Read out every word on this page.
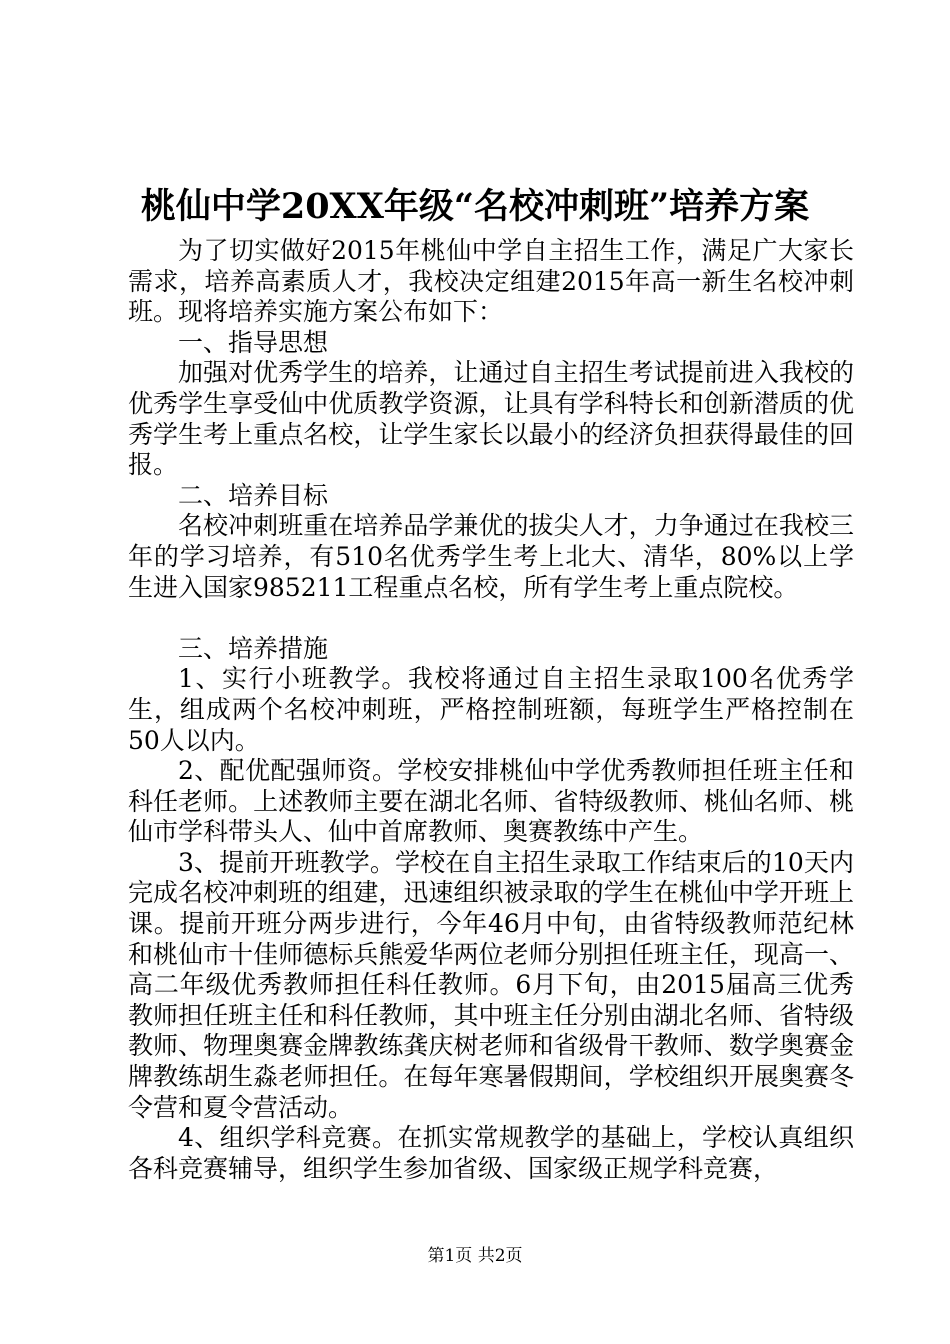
桃仙中学20XX年级“名校冲刺班”培养方案

为了切实做好2015年桃仙中学自主招生工作，满足广大家长需求，培养高素质人才，我校决定组建2015年高一新生名校冲刺班。现将培养实施方案公布如下：

一、指导思想

加强对优秀学生的培养，让通过自主招生考试提前进入我校的优秀学生享受仙中优质教学资源，让具有学科特长和创新潜质的优秀学生考上重点名校，让学生家长以最小的经济负担获得最佳的回报。

二、培养目标

名校冲刺班重在培养品学兼优的拔尖人才，力争通过在我校三年的学习培养，有510名优秀学生考上北大、清华，80%以上学生进入国家985211工程重点名校，所有学生考上重点院校。

三、培养措施

1、实行小班教学。我校将通过自主招生录取100名优秀学生，组成两个名校冲刺班，严格控制班额，每班学生严格控制在50人以内。

2、配优配强师资。学校安排桃仙中学优秀教师担任班主任和科任老师。上述教师主要在湖北名师、省特级教师、桃仙名师、桃仙市学科带头人、仙中首席教师、奥赛教练中产生。

3、提前开班教学。学校在自主招生录取工作结束后的10天内完成名校冲刺班的组建，迅速组织被录取的学生在桃仙中学开班上课。提前开班分两步进行，今年46月中旬，由省特级教师范纪林和桃仙市十佳师德标兵熊爱华两位老师分别担任班主任，现高一、高二年级优秀教师担任科任教师。6月下旬，由2015届高三优秀教师担任班主任和科任教师，其中班主任分别由湖北名师、省特级教师、物理奥赛金牌教练龚庆树老师和省级骨干教师、数学奥赛金牌教练胡生淼老师担任。在每年寒暑假期间，学校组织开展奥赛冬令营和夏令营活动。

4、组织学科竞赛。在抓实常规教学的基础上，学校认真组织各科竞赛辅导，组织学生参加省级、国家级正规学科竞赛，

第1页 共2页
